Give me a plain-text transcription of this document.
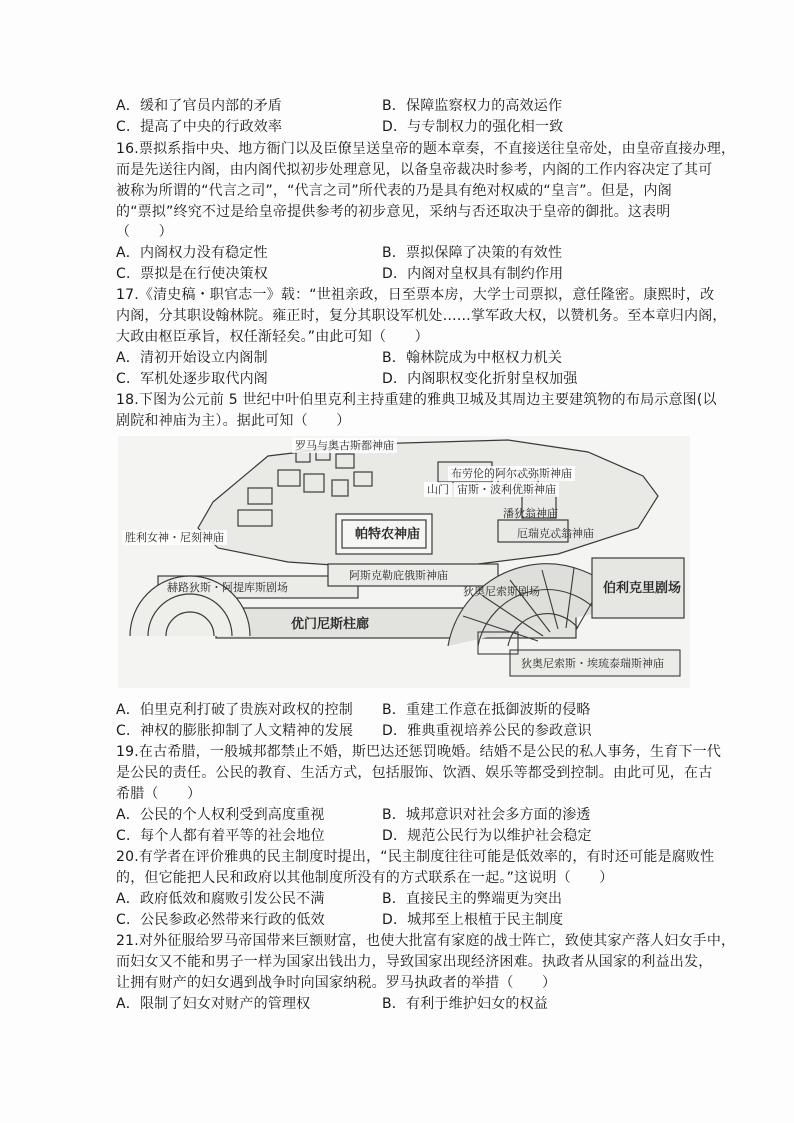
A．缓和了官员内部的矛盾	B．保障监察权力的高效运作
C．提高了中央的行政效率	D．与专制权力的强化相一致
16.票拟系指中央、地方衙门以及臣僚呈送皇帝的题本章奏，不直接送往皇帝处，由皇帝直接办理，
而是先送往内阁，由内阁代拟初步处理意见，以备皇帝裁决时参考，内阁的工作内容决定了其可
被称为所谓的“代言之司”，“代言之司”所代表的乃是具有绝对权威的“皇言”。但是，内阁
的“票拟”终究不过是给皇帝提供参考的初步意见，采纳与否还取决于皇帝的御批。这表明
（　　）
A．内阁权力没有稳定性	B．票拟保障了决策的有效性
C．票拟是在行使决策权	D．内阁对皇权具有制约作用
17.《清史稿・职官志一》载：“世祖亲政，日至票本房，大学士司票拟，意任隆密。康熙时，改
内阁，分其职设翰林院。雍正时，复分其职设军机处……掌军政大权，以赞机务。至本章归内阁，
大政由枢臣承旨，权任渐轻矣。”由此可知（　　）
A．清初开始设立内阁制	B．翰林院成为中枢权力机关
C．军机处逐步取代内阁	D．内阁职权变化折射皇权加强
18.下图为公元前 5 世纪中叶伯里克利主持重建的雅典卫城及其周边主要建筑物的布局示意图(以
剧院和神庙为主）。据此可知（　　）
罗马与奥古斯都神庙
布劳伦的阿尔忒弥斯神庙
山门 宙斯・波利优斯神庙
潘狄翁神庙
厄瑞克忒翁神庙
帕特农神庙
胜利女神・尼刻神庙
赫路狄斯・阿提库斯剧场
阿斯克勒庇俄斯神庙
狄奥尼索斯剧场	伯利克里剧场
优门尼斯柱廊
狄奥尼索斯・埃琉泰瑞斯神庙
A．伯里克利打破了贵族对政权的控制 B．重建工作意在抵御波斯的侵略
C．神权的膨胀抑制了人文精神的发展 D．雅典重视培养公民的参政意识
19.在古希腊，一般城邦都禁止不婚，斯巴达还惩罚晚婚。结婚不是公民的私人事务，生育下一代
是公民的责任。公民的教育、生活方式，包括服饰、饮酒、娱乐等都受到控制。由此可见，在古
希腊（　　）
A．公民的个人权利受到高度重视	B．城邦意识对社会多方面的渗透
C．每个人都有着平等的社会地位	D．规范公民行为以维护社会稳定
20.有学者在评价雅典的民主制度时提出，“民主制度往往可能是低效率的，有时还可能是腐败性
的，但它能把人民和政府以其他制度所没有的方式联系在一起。”这说明（　　）
A．政府低效和腐败引发公民不满	B．直接民主的弊端更为突出
C．公民参政必然带来行政的低效	D．城邦至上根植于民主制度
21.对外征服给罗马帝国带来巨额财富，也使大批富有家庭的战士阵亡，致使其家产落人妇女手中，
而妇女又不能和男子一样为国家出钱出力，导致国家出现经济困难。执政者从国家的利益出发，
让拥有财产的妇女遇到战争时向国家纳税。罗马执政者的举措（　　）
A．限制了妇女对财产的管理权	B．有利于维护妇女的权益
